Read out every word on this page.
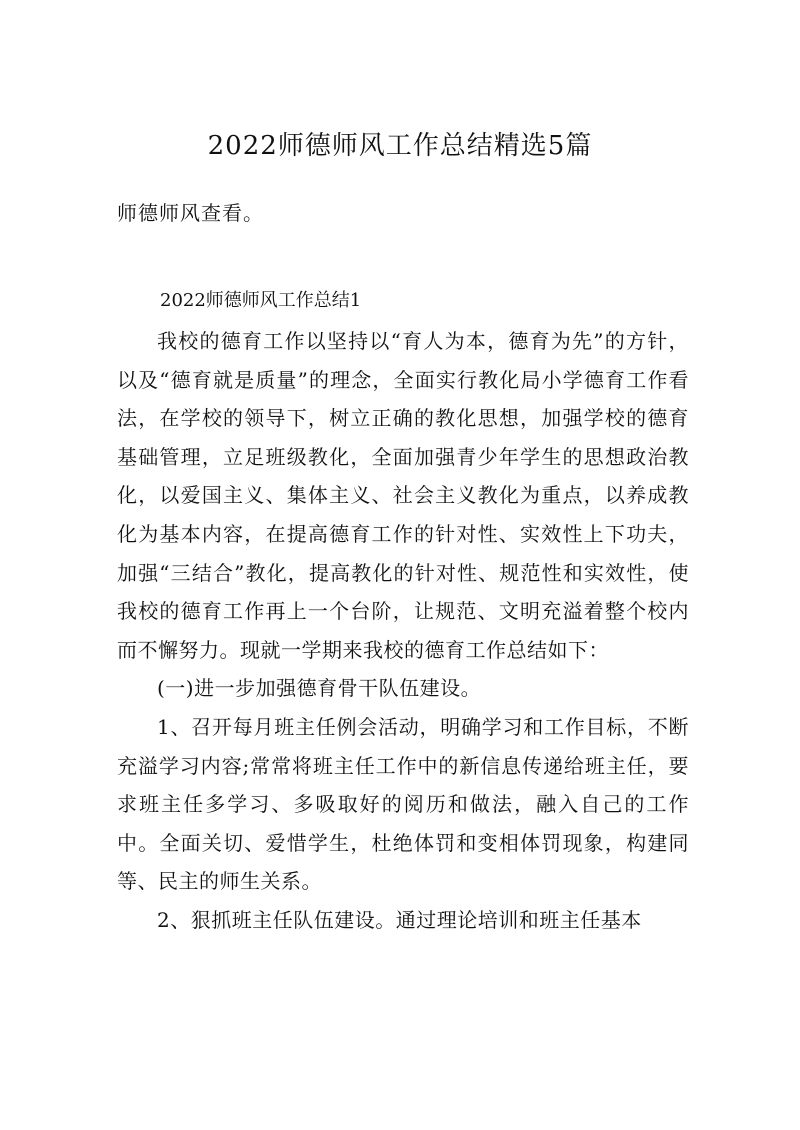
2022师德师风工作总结精选5篇

师德师风查看。

2022师德师风工作总结1

我校的德育工作以坚持以“育人为本，德育为先”的方针，以及“德育就是质量”的理念，全面实行教化局小学德育工作看法，在学校的领导下，树立正确的教化思想，加强学校的德育基础管理，立足班级教化，全面加强青少年学生的思想政治教化，以爱国主义、集体主义、社会主义教化为重点，以养成教化为基本内容，在提高德育工作的针对性、实效性上下功夫，加强“三结合”教化，提高教化的针对性、规范性和实效性，使我校的德育工作再上一个台阶，让规范、文明充溢着整个校内而不懈努力。现就一学期来我校的德育工作总结如下：

(一)进一步加强德育骨干队伍建设。

1、召开每月班主任例会活动，明确学习和工作目标，不断充溢学习内容;常常将班主任工作中的新信息传递给班主任，要求班主任多学习、多吸取好的阅历和做法，融入自己的工作中。全面关切、爱惜学生，杜绝体罚和变相体罚现象，构建同等、民主的师生关系。

2、狠抓班主任队伍建设。通过理论培训和班主任基本
